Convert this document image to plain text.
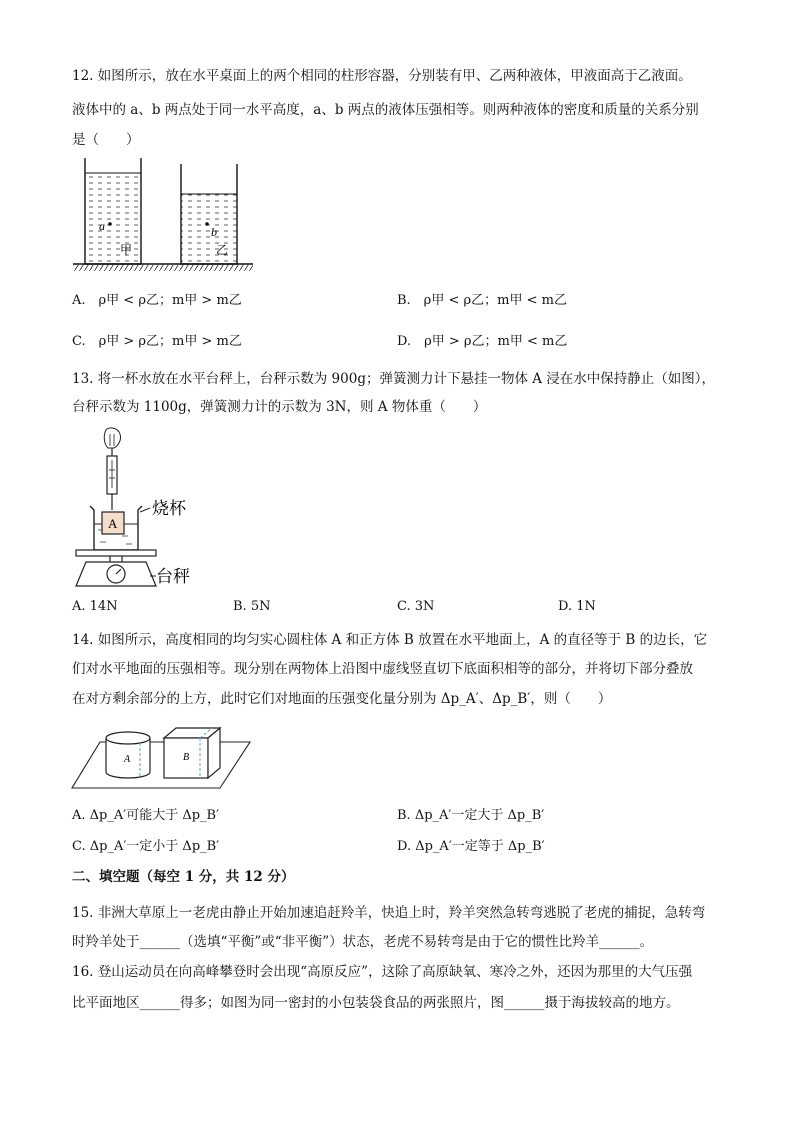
12. 如图所示，放在水平桌面上的两个相同的柱形容器，分别装有甲、乙两种液体，甲液面高于乙液面。
液体中的 a、b 两点处于同一水平高度，a、b 两点的液体压强相等。则两种液体的密度和质量的关系分别
是（　　）
a
甲
b
乙
A.　ρ甲 < ρ乙；m甲 > m乙	B.　ρ甲 < ρ乙；m甲 < m乙
C.　ρ甲 > ρ乙；m甲 > m乙	D.　ρ甲 > ρ乙；m甲 < m乙
13. 将一杯水放在水平台秤上，台秤示数为 900g；弹簧测力计下悬挂一物体 A 浸在水中保持静止（如图），
台秤示数为 1100g，弹簧测力计的示数为 3N，则 A 物体重（　　）
A
烧杯
台秤
A. 14N	B. 5N	C. 3N	D. 1N
14. 如图所示，高度相同的均匀实心圆柱体 A 和正方体 B 放置在水平地面上，A 的直径等于 B 的边长，它
们对水平地面的压强相等。现分别在两物体上沿图中虚线竖直切下底面积相等的部分，并将切下部分叠放
在对方剩余部分的上方，此时它们对地面的压强变化量分别为 Δp_A′、Δp_B′，则（　　）
A	B
A. Δp_A′可能大于 Δp_B′	B. Δp_A′一定大于 Δp_B′
C. Δp_A′一定小于 Δp_B′	D. Δp_A′一定等于 Δp_B′
二、填空题（每空 1 分，共 12 分）
15. 非洲大草原上一老虎由静止开始加速追赶羚羊，快追上时，羚羊突然急转弯逃脱了老虎的捕捉，急转弯
时羚羊处于______（选填“平衡”或“非平衡”）状态，老虎不易转弯是由于它的惯性比羚羊______。
16. 登山运动员在向高峰攀登时会出现“高原反应”，这除了高原缺氧、寒冷之外，还因为那里的大气压强
比平面地区______得多；如图为同一密封的小包装袋食品的两张照片，图______摄于海拔较高的地方。
